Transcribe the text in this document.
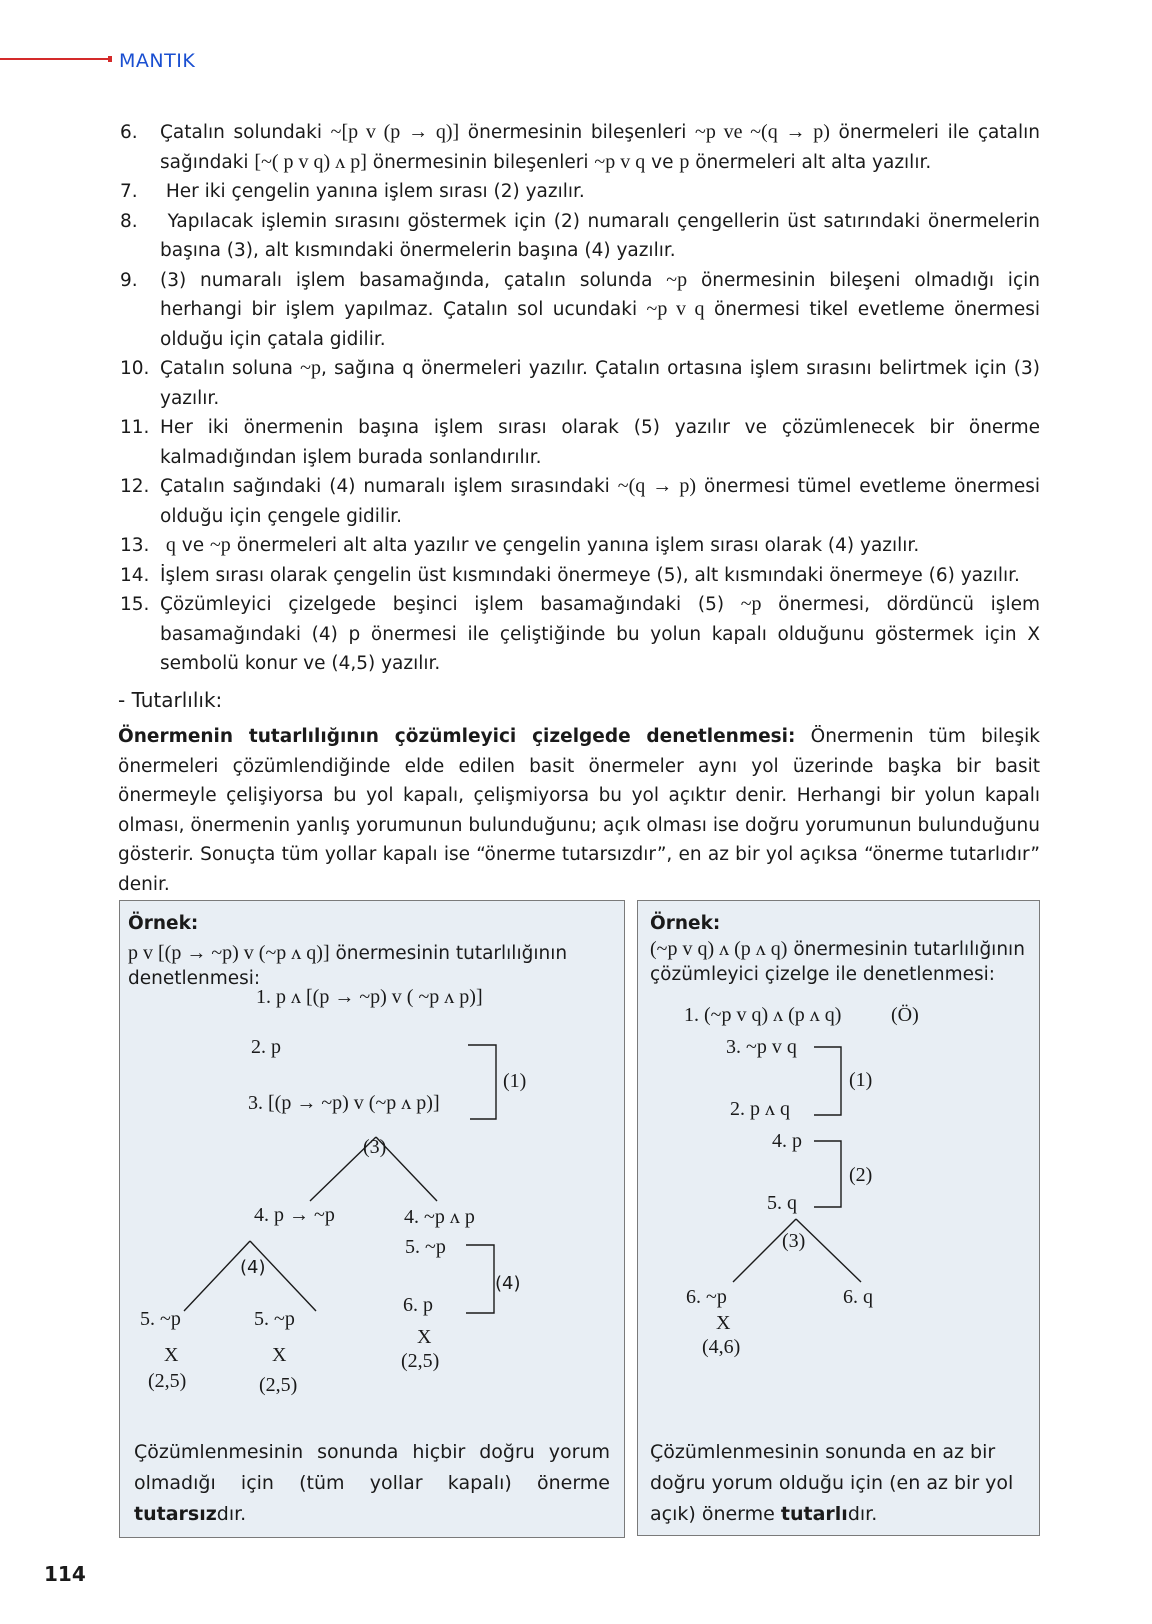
MANTIK
6.	Çatalın solundaki ~[p v (p → q)] önermesinin bileşenleri ~p ve ~(q → p) önermeleri ile çatalın sağındaki [~( p v q) ʌ p] önermesinin bileşenleri ~p v q ve p önermeleri alt alta yazılır.
7.	Her iki çengelin yanına işlem sırası (2) yazılır.
8.	Yapılacak işlemin sırasını göstermek için (2) numaralı çengellerin üst satırındaki önermelerin başına (3), alt kısmındaki önermelerin başına (4) yazılır.
9.	(3) numaralı işlem basamağında, çatalın solunda ~p önermesinin bileşeni olmadığı için herhangi bir işlem yapılmaz. Çatalın sol ucundaki ~p v q önermesi tikel evetleme önermesi olduğu için çatala gidilir.
10. Çatalın soluna ~p, sağına q önermeleri yazılır. Çatalın ortasına işlem sırasını belirtmek için (3) yazılır.
11. Her iki önermenin başına işlem sırası olarak (5) yazılır ve çözümlenecek bir önerme kalmadığından işlem burada sonlandırılır.
12. Çatalın sağındaki (4) numaralı işlem sırasındaki ~(q → p) önermesi tümel evetleme önermesi olduğu için çengele gidilir.
13. q ve ~p önermeleri alt alta yazılır ve çengelin yanına işlem sırası olarak (4) yazılır.
14. İşlem sırası olarak çengelin üst kısmındaki önermeye (5), alt kısmındaki önermeye (6) yazılır.
15. Çözümleyici çizelgede beşinci işlem basamağındaki (5) ~p önermesi, dördüncü işlem basamağındaki (4) p önermesi ile çeliştiğinde bu yolun kapalı olduğunu göstermek için X sembolü konur ve (4,5) yazılır.
- Tutarlılık:
Önermenin tutarlılığının çözümleyici çizelgede denetlenmesi: Önermenin tüm bileşik önermeleri çözümlendiğinde elde edilen basit önermeler aynı yol üzerinde başka bir basit önermeyle çelişiyorsa bu yol kapalı, çelişmiyorsa bu yol açıktır denir. Herhangi bir yolun kapalı olması, önermenin yanlış yorumunun bulunduğunu; açık olması ise doğru yorumunun bulunduğunu gösterir. Sonuçta tüm yollar kapalı ise “önerme tutarsızdır”, en az bir yol açıksa “önerme tutarlıdır” denir.
Örnek:
p v [(p → ~p) v (~p ʌ q)] önermesinin tutarlılığının denetlenmesi:
1. p ʌ [(p → ~p) v ( ~p ʌ p)]
2. p
3. [(p → ~p) v (~p ʌ p)]
(1)
(3)
4. p → ~p	4. ~p ʌ p
(4)
5. ~p
(4)
6. p
5. ~p	5. ~p
X
X	X	(2,5)
(2,5)	(2,5)
Çözümlenmesinin sonunda hiçbir doğru yorum olmadığı için (tüm yollar kapalı) önerme tutarsızdır.
Örnek:
(~p v q) ʌ (p ʌ q) önermesinin tutarlılığının çözümleyici çizelge ile denetlenmesi:
1. (~p v q) ʌ (p ʌ q) (Ö)
3. ~p v q
(1)
2. p ʌ q
4. p
(2)
5. q
(3)
6. ~p	6. q
X
(4,6)
Çözümlenmesinin sonunda en az bir doğru yorum olduğu için (en az bir yol açık) önerme tutarlıdır.
114
